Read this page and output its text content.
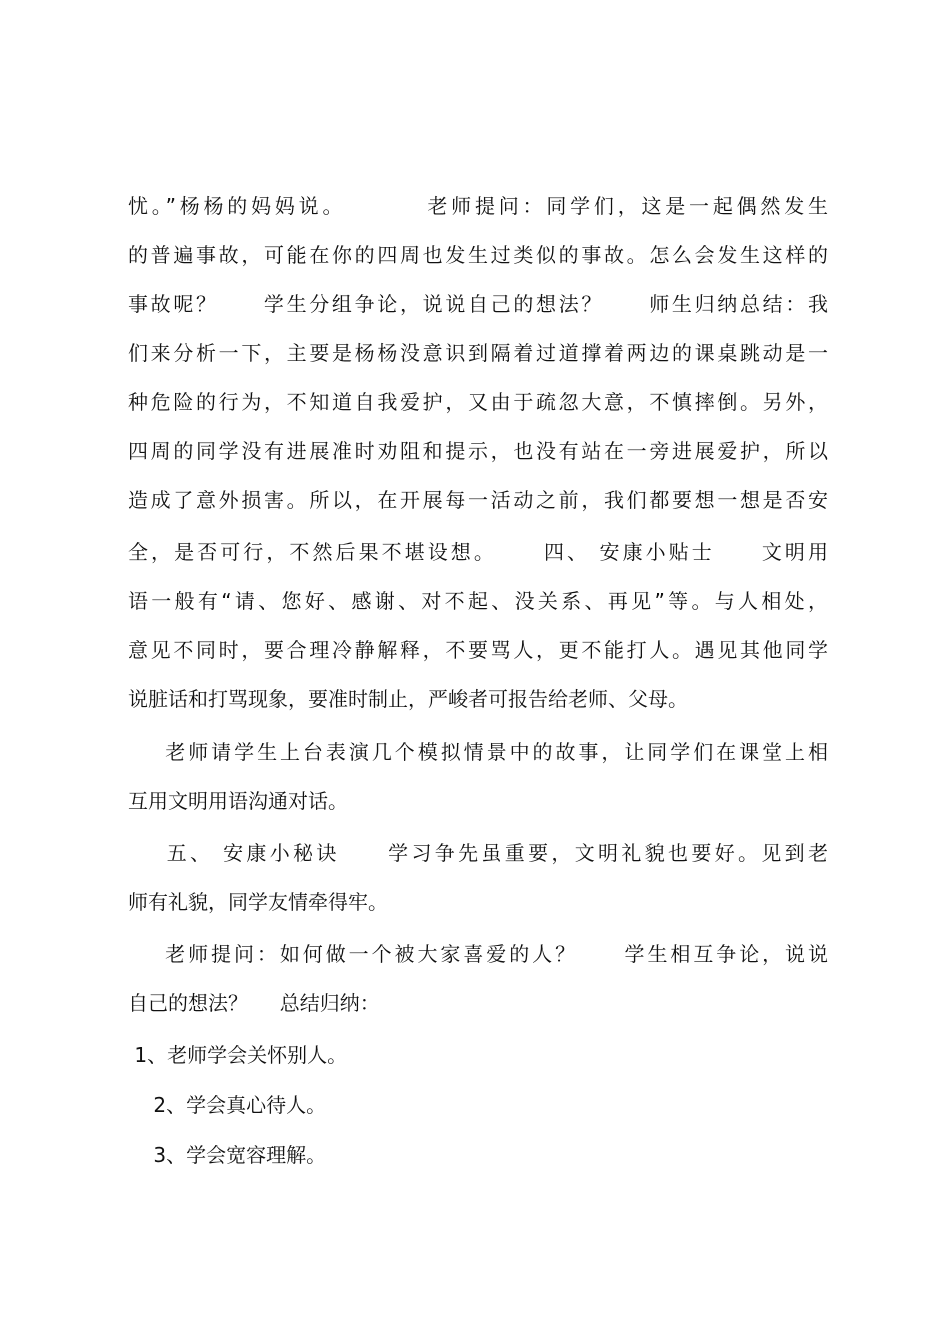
忧。”杨杨的妈妈说。        老师提问：同学们，这是一起偶然发生
的普遍事故，可能在你的四周也发生过类似的事故。怎么会发生这样的
事故呢？     学生分组争论，说说自己的想法？     师生归纳总结：我
们来分析一下，主要是杨杨没意识到隔着过道撑着两边的课桌跳动是一
种危险的行为，不知道自我爱护，又由于疏忽大意，不慎摔倒。另外，
四周的同学没有进展准时劝阻和提示，也没有站在一旁进展爱护，所以
造成了意外损害。所以，在开展每一活动之前，我们都要想一想是否安
全，是否可行，不然后果不堪设想。     四、 安康小贴士     文明用
语一般有“请、您好、感谢、对不起、没关系、再见”等。与人相处，
意见不同时，要合理冷静解释，不要骂人，更不能打人。遇见其他同学
说脏话和打骂现象，要准时制止，严峻者可报告给老师、父母。
老师请学生上台表演几个模拟情景中的故事，让同学们在课堂上相
互用文明用语沟通对话。
五、 安康小秘诀     学习争先虽重要，文明礼貌也要好。见到老
师有礼貌，同学友情牵得牢。
老师提问：如何做一个被大家喜爱的人？     学生相互争论，说说
自己的想法？     总结归纳：
1、老师学会关怀别人。
2、学会真心待人。
3、学会宽容理解。
